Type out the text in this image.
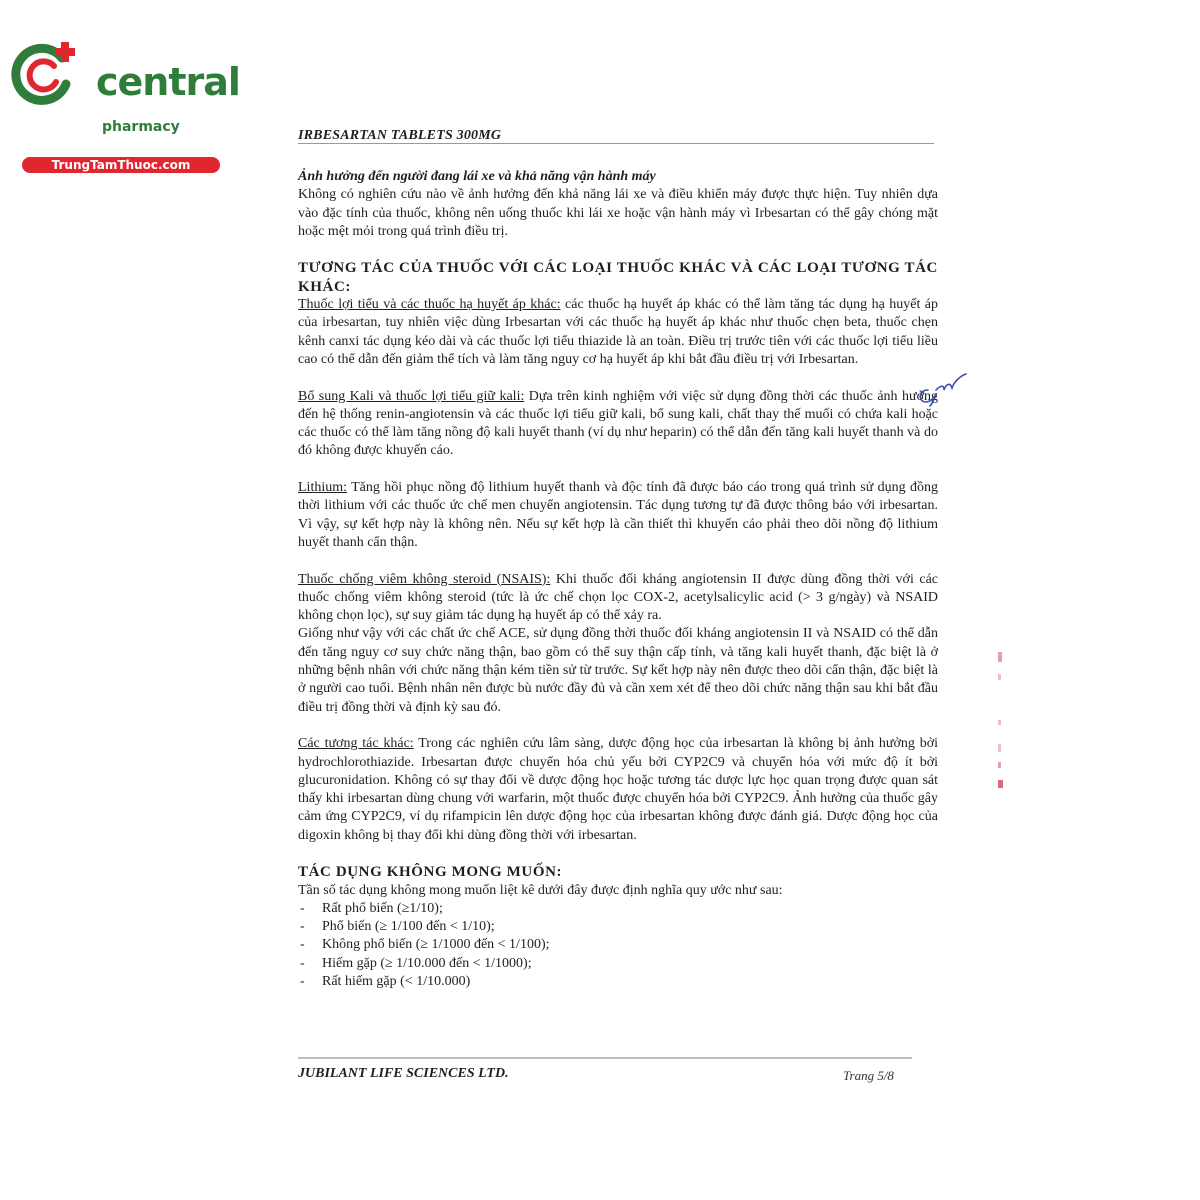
central
pharmacy
TrungTamThuoc.com
IRBESARTAN TABLETS 300MG

Ảnh hưởng đến người đang lái xe và khả năng vận hành máy

Không có nghiên cứu nào về ảnh hưởng đến khả năng lái xe và điều khiển máy được thực hiện. Tuy nhiên dựa vào đặc tính của thuốc, không nên uống thuốc khi lái xe hoặc vận hành máy vì Irbesartan có thể gây chóng mặt hoặc mệt mỏi trong quá trình điều trị.

TƯƠNG TÁC CỦA THUỐC VỚI CÁC LOẠI THUỐC KHÁC VÀ CÁC LOẠI TƯƠNG TÁC KHÁC:

Thuốc lợi tiểu và các thuốc hạ huyết áp khác: các thuốc hạ huyết áp khác có thể làm tăng tác dụng hạ huyết áp của irbesartan, tuy nhiên việc dùng Irbesartan với các thuốc hạ huyết áp khác như thuốc chẹn beta, thuốc chẹn kênh canxi tác dụng kéo dài và các thuốc lợi tiểu thiazide là an toàn. Điều trị trước tiên với các thuốc lợi tiểu liều cao có thể dẫn đến giảm thể tích và làm tăng nguy cơ hạ huyết áp khi bắt đầu điều trị với Irbesartan.

Bổ sung Kali và thuốc lợi tiểu giữ kali: Dựa trên kinh nghiệm với việc sử dụng đồng thời các thuốc ảnh hưởng đến hệ thống renin-angiotensin và các thuốc lợi tiểu giữ kali, bổ sung kali, chất thay thế muối có chứa kali hoặc các thuốc có thể làm tăng nồng độ kali huyết thanh (ví dụ như heparin) có thể dẫn đến tăng kali huyết thanh và do đó không được khuyến cáo.

Lithium: Tăng hồi phục nồng độ lithium huyết thanh và độc tính đã được báo cáo trong quá trình sử dụng đồng thời lithium với các thuốc ức chế men chuyển angiotensin. Tác dụng tương tự đã được thông báo với irbesartan. Vì vậy, sự kết hợp này là không nên. Nếu sự kết hợp là cần thiết thì khuyến cáo phải theo dõi nồng độ lithium huyết thanh cẩn thận.

Thuốc chống viêm không steroid (NSAIS): Khi thuốc đối kháng angiotensin II được dùng đồng thời với các thuốc chống viêm không steroid (tức là ức chế chọn lọc COX-2, acetylsalicylic acid (> 3 g/ngày) và NSAID không chọn lọc), sự suy giảm tác dụng hạ huyết áp có thể xảy ra.

Giống như vậy với các chất ức chế ACE, sử dụng đồng thời thuốc đối kháng angiotensin II và NSAID có thể dẫn đến tăng nguy cơ suy chức năng thận, bao gồm có thể suy thận cấp tính, và tăng kali huyết thanh, đặc biệt là ở những bệnh nhân với chức năng thận kém tiền sử từ trước. Sự kết hợp này nên được theo dõi cẩn thận, đặc biệt là ở người cao tuổi. Bệnh nhân nên được bù nước đầy đủ và cần xem xét để theo dõi chức năng thận sau khi bắt đầu điều trị đồng thời và định kỳ sau đó.

Các tương tác khác: Trong các nghiên cứu lâm sàng, dược động học của irbesartan là không bị ảnh hưởng bởi hydrochlorothiazide. Irbesartan được chuyển hóa chủ yếu bởi CYP2C9 và chuyển hóa với mức độ ít bởi glucuronidation. Không có sự thay đổi về dược động học hoặc tương tác dược lực học quan trọng được quan sát thấy khi irbesartan dùng chung với warfarin, một thuốc được chuyển hóa bởi CYP2C9. Ảnh hưởng của thuốc gây cảm ứng CYP2C9, ví dụ rifampicin lên dược động học của irbesartan không được đánh giá. Dược động học của digoxin không bị thay đổi khi dùng đồng thời với irbesartan.

TÁC DỤNG KHÔNG MONG MUỐN:

Tần số tác dụng không mong muốn liệt kê dưới đây được định nghĩa quy ước như sau:

- Rất phổ biến (≥1/10);
- Phổ biến (≥ 1/100 đến < 1/10);
- Không phổ biến (≥ 1/1000 đến < 1/100);
- Hiếm gặp (≥ 1/10.000 đến < 1/1000);
- Rất hiếm gặp (< 1/10.000)
JUBILANT LIFE SCIENCES LTD.	Trang 5/8
